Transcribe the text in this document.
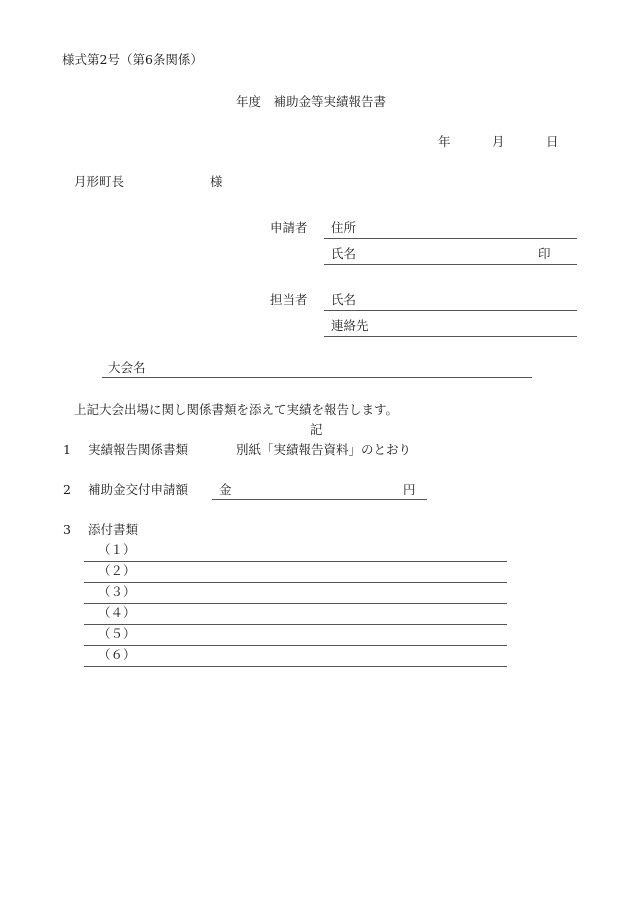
様式第2号（第6条関係）
年度　補助金等実績報告書
年	月	日
月形町長	様
申請者 住所
氏名	印
担当者 氏名
連絡先
大会名
上記大会出場に関し関係書類を添えて実績を報告します。
記
1 実績報告関係書類	別紙「実績報告資料」のとおり
2 補助金交付申請額 金	円
3 添付書類
（１）
（２）
（３）
（４）
（５）
（６）
